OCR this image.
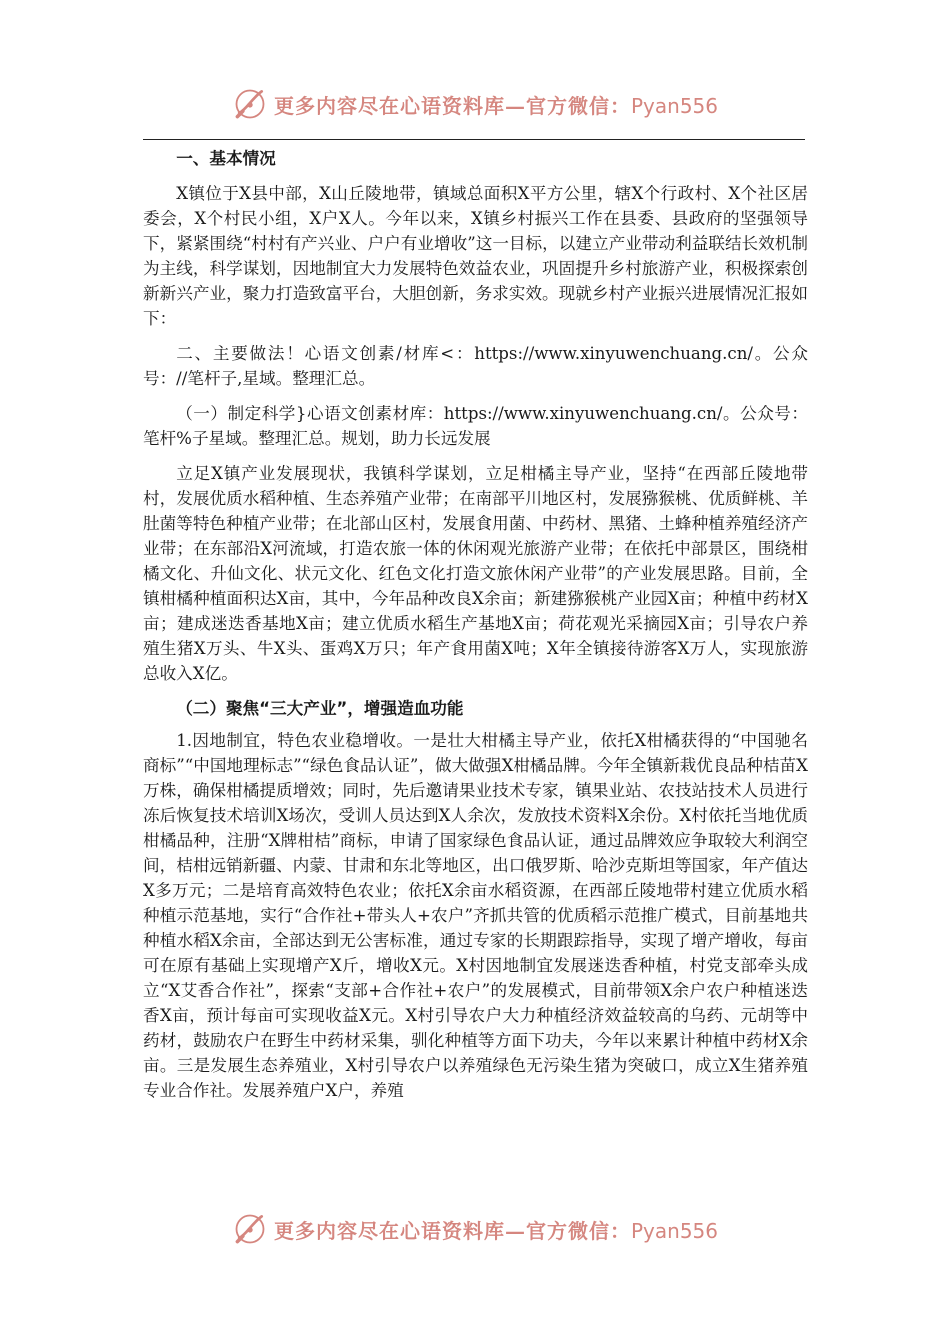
更多内容尽在心语资料库—官方微信：Pyan556

一、基本情况

X镇位于X县中部，X山丘陵地带，镇域总面积X平方公里，辖X个行政村、X个社区居委会，X个村民小组，X户X人。今年以来，X镇乡村振兴工作在县委、县政府的坚强领导下，紧紧围绕“村村有产兴业、户户有业增收”这一目标，以建立产业带动利益联结长效机制为主线，科学谋划，因地制宜大力发展特色效益农业，巩固提升乡村旅游产业，积极探索创新新兴产业，聚力打造致富平台，大胆创新，务求实效。现就乡村产业振兴进展情况汇报如下：

二、主要做法！心语文创素/材库<：https://www.xinyuwenchuang.cn/。公众号：//笔杆子,星域。整理汇总。

（一）制定科学}心语文创素材库：https://www.xinyuwenchuang.cn/。公众号：笔杆%子星域。整理汇总。规划，助力长远发展

立足X镇产业发展现状，我镇科学谋划，立足柑橘主导产业，坚持“在西部丘陵地带村，发展优质水稻种植、生态养殖产业带；在南部平川地区村，发展猕猴桃、优质鲜桃、羊肚菌等特色种植产业带；在北部山区村，发展食用菌、中药材、黑猪、土蜂种植养殖经济产业带；在东部沿X河流域，打造农旅一体的休闲观光旅游产业带；在依托中部景区，围绕柑橘文化、升仙文化、状元文化、红色文化打造文旅休闲产业带”的产业发展思路。目前，全镇柑橘种植面积达X亩，其中，今年品种改良X余亩；新建猕猴桃产业园X亩；种植中药材X亩；建成迷迭香基地X亩；建立优质水稻生产基地X亩；荷花观光采摘园X亩；引导农户养殖生猪X万头、牛X头、蛋鸡X万只；年产食用菌X吨；X年全镇接待游客X万人，实现旅游总收入X亿。

（二）聚焦“三大产业”，增强造血功能

1.因地制宜，特色农业稳增收。一是壮大柑橘主导产业，依托X柑橘获得的“中国驰名商标”“中国地理标志”“绿色食品认证”，做大做强X柑橘品牌。今年全镇新栽优良品种桔苗X万株，确保柑橘提质增效；同时，先后邀请果业技术专家，镇果业站、农技站技术人员进行冻后恢复技术培训X场次，受训人员达到X人余次，发放技术资料X余份。X村依托当地优质柑橘品种，注册“X牌柑桔”商标，申请了国家绿色食品认证，通过品牌效应争取较大利润空间，桔柑远销新疆、内蒙、甘肃和东北等地区，出口俄罗斯、哈沙克斯坦等国家，年产值达X多万元；二是培育高效特色农业；依托X余亩水稻资源，在西部丘陵地带村建立优质水稻种植示范基地，实行“合作社+带头人+农户”齐抓共管的优质稻示范推广模式，目前基地共种植水稻X余亩，全部达到无公害标准，通过专家的长期跟踪指导，实现了增产增收，每亩可在原有基础上实现增产X斤，增收X元。X村因地制宜发展迷迭香种植，村党支部牵头成立“X艾香合作社”，探索“支部+合作社+农户”的发展模式，目前带领X余户农户种植迷迭香X亩，预计每亩可实现收益X元。X村引导农户大力种植经济效益较高的乌药、元胡等中药材，鼓励农户在野生中药材采集，驯化种植等方面下功夫，今年以来累计种植中药材X余亩。三是发展生态养殖业，X村引导农户以养殖绿色无污染生猪为突破口，成立X生猪养殖专业合作社。发展养殖户X户，养殖

更多内容尽在心语资料库—官方微信：Pyan556
